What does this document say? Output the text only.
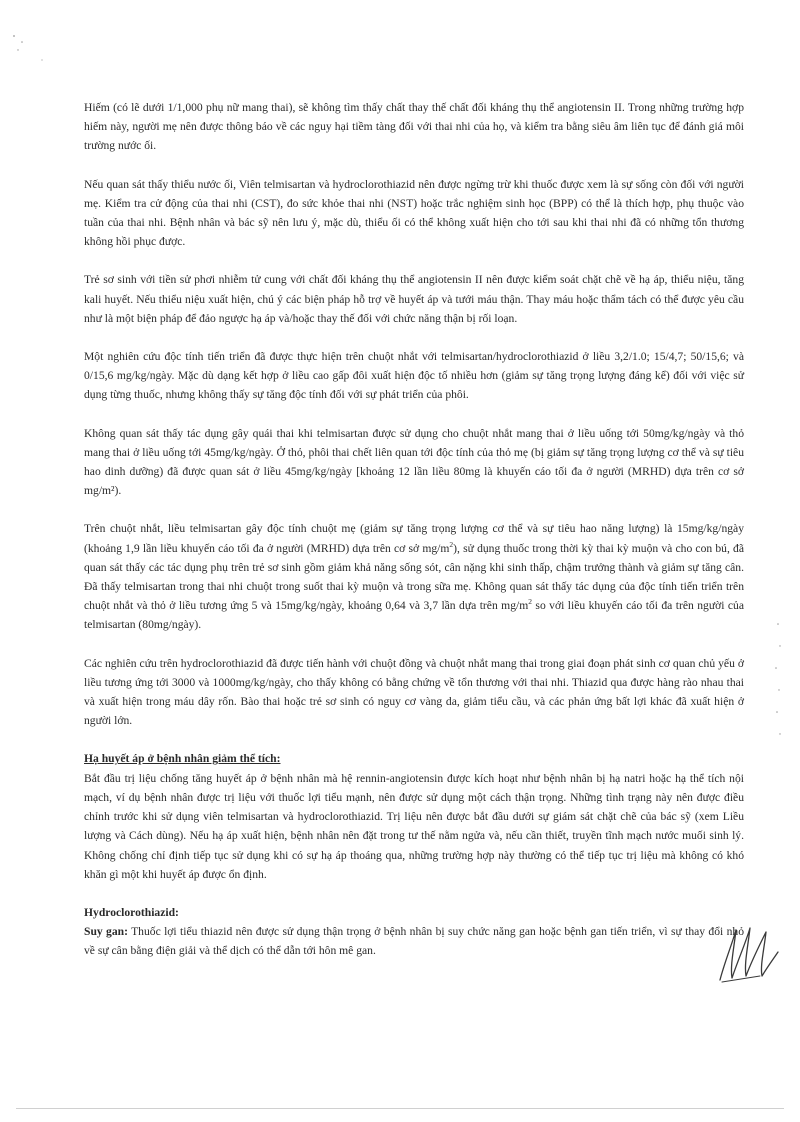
Hiếm (có lẽ dưới 1/1,000 phụ nữ mang thai), sẽ không tìm thấy chất thay thế chất đối kháng thụ thể angiotensin II. Trong những trường hợp hiếm này, người mẹ nên được thông báo về các nguy hại tiềm tàng đối với thai nhi của họ, và kiểm tra bằng siêu âm liên tục để đánh giá môi trường nước ối.

Nếu quan sát thấy thiểu nước ối, Viên telmisartan và hydroclorothiazid nên được ngừng trừ khi thuốc được xem là sự sống còn đối với người mẹ. Kiểm tra cử động của thai nhi (CST), đo sức khỏe thai nhi (NST) hoặc trắc nghiệm sinh học (BPP) có thể là thích hợp, phụ thuộc vào tuần của thai nhi. Bệnh nhân và bác sỹ nên lưu ý, mặc dù, thiểu ối có thể không xuất hiện cho tới sau khi thai nhi đã có những tổn thương không hồi phục được.

Trẻ sơ sinh với tiền sử phơi nhiễm tử cung với chất đối kháng thụ thể angiotensin II nên được kiểm soát chặt chẽ về hạ áp, thiểu niệu, tăng kali huyết. Nếu thiểu niệu xuất hiện, chú ý các biện pháp hỗ trợ về huyết áp và tưới máu thận. Thay máu hoặc thẩm tách có thể được yêu cầu như là một biện pháp để đảo ngược hạ áp và/hoặc thay thế đối với chức năng thận bị rối loạn.

Một nghiên cứu độc tính tiến triển đã được thực hiện trên chuột nhắt với telmisartan/hydroclorothiazid ở liều 3,2/1.0; 15/4,7; 50/15,6; và 0/15,6 mg/kg/ngày. Mặc dù dạng kết hợp ở liều cao gấp đôi xuất hiện độc tố nhiều hơn (giảm sự tăng trọng lượng đáng kể) đối với việc sử dụng từng thuốc, nhưng không thấy sự tăng độc tính đối với sự phát triển của phôi.

Không quan sát thấy tác dụng gây quái thai khi telmisartan được sử dụng cho chuột nhắt mang thai ở liều uống tới 50mg/kg/ngày và thỏ mang thai ở liều uống tới 45mg/kg/ngày. Ở thỏ, phôi thai chết liên quan tới độc tính của thỏ mẹ (bị giảm sự tăng trọng lượng cơ thể và sự tiêu hao dinh dưỡng) đã được quan sát ở liều 45mg/kg/ngày [khoảng 12 lần liều 80mg là khuyến cáo tối đa ở người (MRHD) dựa trên cơ sở mg/m²).

Trên chuột nhắt, liều telmisartan gây độc tính chuột mẹ (giảm sự tăng trọng lượng cơ thể và sự tiêu hao năng lượng) là 15mg/kg/ngày (khoảng 1,9 lần liều khuyến cáo tối đa ở người (MRHD) dựa trên cơ sở $mg/m^2$), sử dụng thuốc trong thời kỳ thai kỳ muộn và cho con bú, đã quan sát thấy các tác dụng phụ trên trẻ sơ sinh gồm giảm khả năng sống sót, cân nặng khi sinh thấp, chậm trưởng thành và giảm sự tăng cân. Đã thấy telmisartan trong thai nhi chuột trong suốt thai kỳ muộn và trong sữa mẹ. Không quan sát thấy tác dụng của độc tính tiến triển trên chuột nhắt và thỏ ở liều tương ứng 5 và 15mg/kg/ngày, khoảng 0,64 và 3,7 lần dựa trên $mg/m^2$ so với liều khuyến cáo tối đa trên người của telmisartan (80mg/ngày).

Các nghiên cứu trên hydroclorothiazid đã được tiến hành với chuột đồng và chuột nhắt mang thai trong giai đoạn phát sinh cơ quan chủ yếu ở liều tương ứng tới 3000 và 1000mg/kg/ngày, cho thấy không có bằng chứng về tổn thương với thai nhi. Thiazid qua được hàng rào nhau thai và xuất hiện trong máu dây rốn. Bào thai hoặc trẻ sơ sinh có nguy cơ vàng da, giảm tiểu cầu, và các phản ứng bất lợi khác đã xuất hiện ở người lớn.

Hạ huyết áp ở bệnh nhân giảm thể tích:

Bắt đầu trị liệu chống tăng huyết áp ở bệnh nhân mà hệ rennin-angiotensin được kích hoạt như bệnh nhân bị hạ natri hoặc hạ thể tích nội mạch, ví dụ bệnh nhân được trị liệu với thuốc lợi tiểu mạnh, nên được sử dụng một cách thận trọng. Những tình trạng này nên được điều chỉnh trước khi sử dụng viên telmisartan và hydroclorothiazid. Trị liệu nên được bắt đầu dưới sự giám sát chặt chẽ của bác sỹ (xem Liều lượng và Cách dùng). Nếu hạ áp xuất hiện, bệnh nhân nên đặt trong tư thế nằm ngửa và, nếu cần thiết, truyền tĩnh mạch nước muối sinh lý. Không chống chỉ định tiếp tục sử dụng khi có sự hạ áp thoáng qua, những trường hợp này thường có thể tiếp tục trị liệu mà không có khó khăn gì một khi huyết áp được ổn định.

Hydroclorothiazid:

Suy gan: Thuốc lợi tiểu thiazid nên được sử dụng thận trọng ở bệnh nhân bị suy chức năng gan hoặc bệnh gan tiến triển, vì sự thay đổi nhỏ về sự cân bằng điện giải và thể dịch có thể dẫn tới hôn mê gan.
